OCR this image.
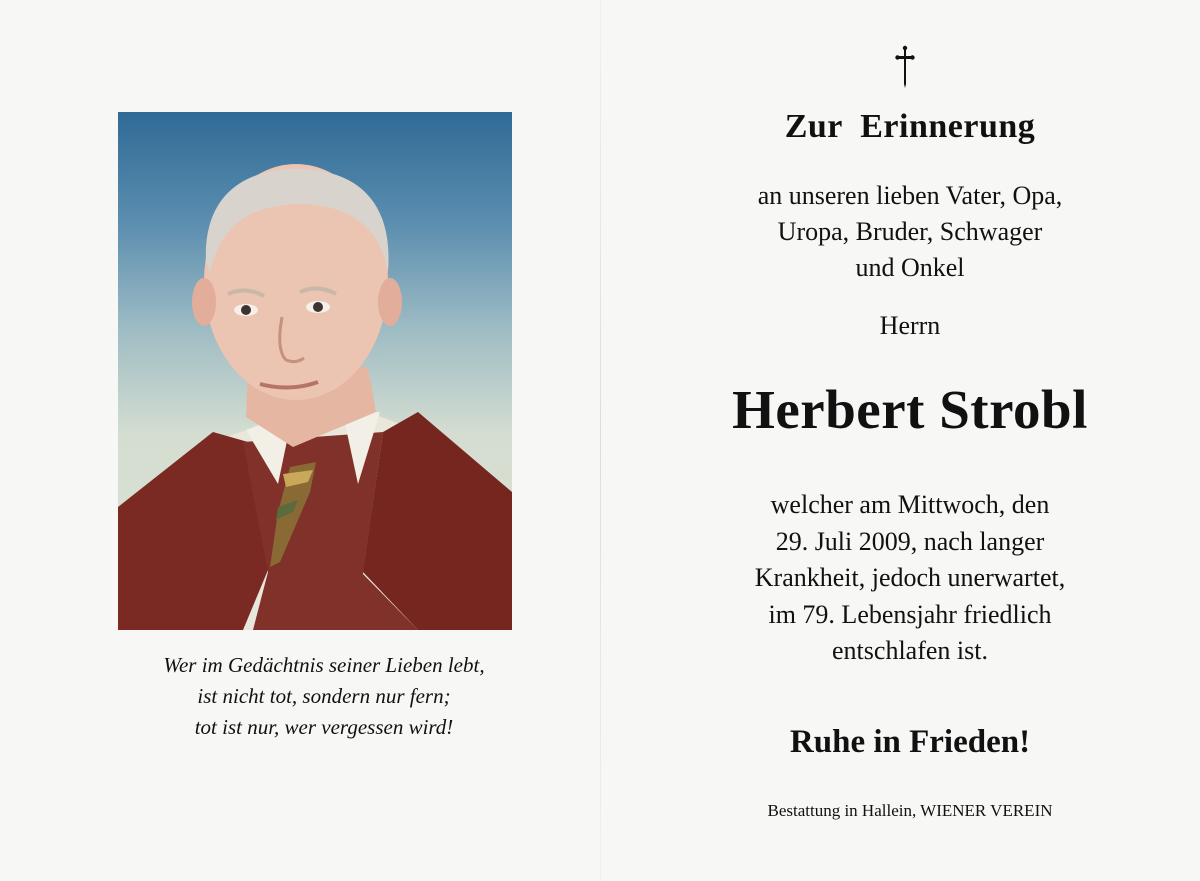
Wer im Gedächtnis seiner Lieben lebt,
ist nicht tot, sondern nur fern;
tot ist nur, wer vergessen wird!
Zur  Erinnerung
an unseren lieben Vater, Opa,
Uropa, Bruder, Schwager
und Onkel
Herrn
Herbert Strobl
welcher am Mittwoch, den
29. Juli 2009, nach langer
Krankheit, jedoch unerwartet,
im 79. Lebensjahr friedlich
entschlafen ist.
Ruhe in Frieden!
Bestattung in Hallein, WIENER VEREIN
